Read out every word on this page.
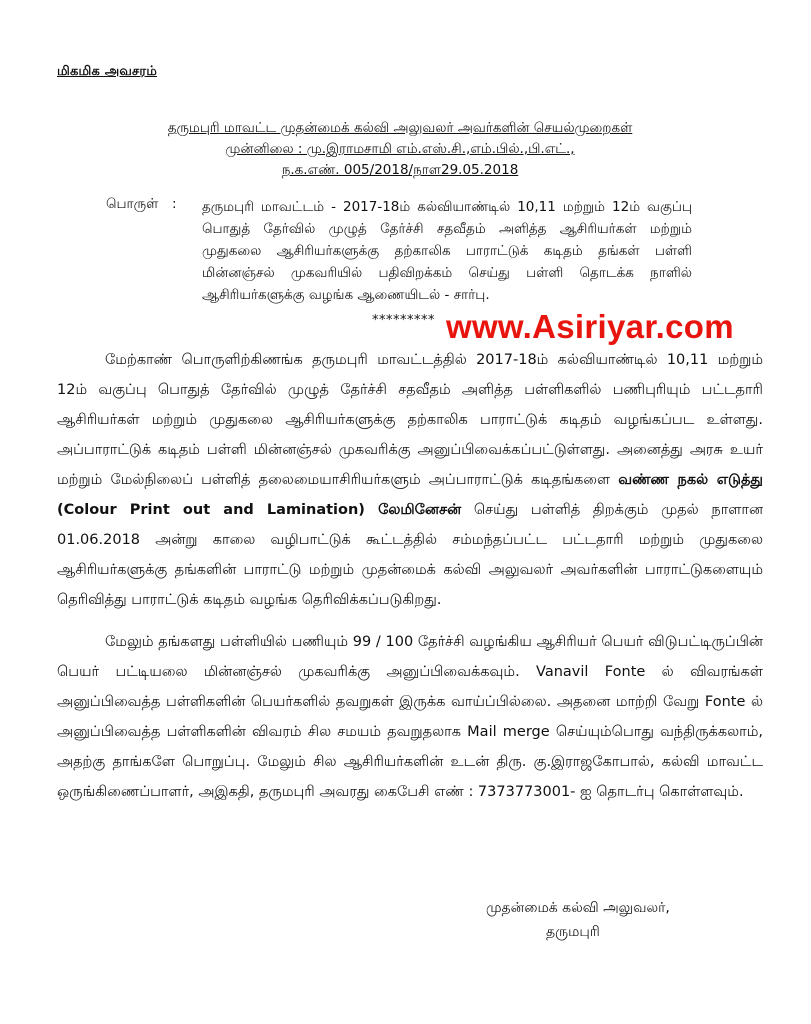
மிகமிக அவசரம்
தருமபுரி மாவட்ட முதன்மைக் கல்வி அலுவலர் அவர்களின் செயல்முறைகள்
முன்னிலை : மு.இராமசாமி எம்.எஸ்.சி.,எம்.பில்.,பி.எட்.,
ந.க.எண். 005/2018/நாள29.05.2018
பொருள் : தருமபுரி மாவட்டம் - 2017-18ம் கல்வியாண்டில் 10,11 மற்றும் 12ம் வகுப்பு பொதுத் தேர்வில் முழுத் தேர்ச்சி சதவீதம் அளித்த ஆசிரியர்கள் மற்றும் முதுகலை ஆசிரியர்களுக்கு தற்காலிக பாராட்டுக் கடிதம் தங்கள் பள்ளி மின்னஞ்சல் முகவரியில் பதிவிறக்கம் செய்து பள்ளி தொடக்க நாளில் ஆசிரியர்களுக்கு வழங்க ஆணையிடல் - சார்பு.
********* www.Asiriyar.com
மேற்காண் பொருளிற்கிணங்க தருமபுரி மாவட்டத்தில் 2017-18ம் கல்வியாண்டில் 10,11 மற்றும் 12ம் வகுப்பு பொதுத் தேர்வில் முழுத் தேர்ச்சி சதவீதம் அளித்த பள்ளிகளில் பணிபுரியும் பட்டதாரி ஆசிரியர்கள் மற்றும் முதுகலை ஆசிரியர்களுக்கு தற்காலிக பாராட்டுக் கடிதம் வழங்கப்பட உள்ளது. அப்பாராட்டுக் கடிதம் பள்ளி மின்னஞ்சல் முகவரிக்கு அனுப்பிவைக்கப்பட்டுள்ளது. அனைத்து அரசு உயர் மற்றும் மேல்நிலைப் பள்ளித் தலைமையாசிரியர்களும் அப்பாராட்டுக் கடிதங்களை வண்ண நகல் எடுத்து (Colour Print out and Lamination) லேமினேசன் செய்து பள்ளித் திறக்கும் முதல் நாளான 01.06.2018 அன்று காலை வழிபாட்டுக் கூட்டத்தில் சம்மந்தப்பட்ட பட்டதாரி மற்றும் முதுகலை ஆசிரியர்களுக்கு தங்களின் பாராட்டு மற்றும் முதன்மைக் கல்வி அலுவலர் அவர்களின் பாராட்டுகளையும் தெரிவித்து பாராட்டுக் கடிதம் வழங்க தெரிவிக்கப்படுகிறது.
மேலும் தங்களது பள்ளியில் பணியும் 99 / 100 தேர்ச்சி வழங்கிய ஆசிரியர் பெயர் விடுபட்டிருப்பின் பெயர் பட்டியலை மின்னஞ்சல் முகவரிக்கு அனுப்பிவைக்கவும். Vanavil Fonte ல் விவரங்கள் அனுப்பிவைத்த பள்ளிகளின் பெயர்களில் தவறுகள் இருக்க வாய்ப்பில்லை. அதனை மாற்றி வேறு Fonte ல் அனுப்பிவைத்த பள்ளிகளின் விவரம் சில சமயம் தவறுதலாக Mail merge செய்யும்பொது வந்திருக்கலாம், அதற்கு தாங்களே பொறுப்பு. மேலும் சில ஆசிரியர்களின் உடன் திரு. கு.இராஜகோபால், கல்வி மாவட்ட ஒருங்கிணைப்பாளர், அஇகதி, தருமபுரி அவரது கைபேசி எண் : 7373773001- ஐ தொடர்பு கொள்ளவும்.
முதன்மைக் கல்வி அலுவலர்,
தருமபுரி
